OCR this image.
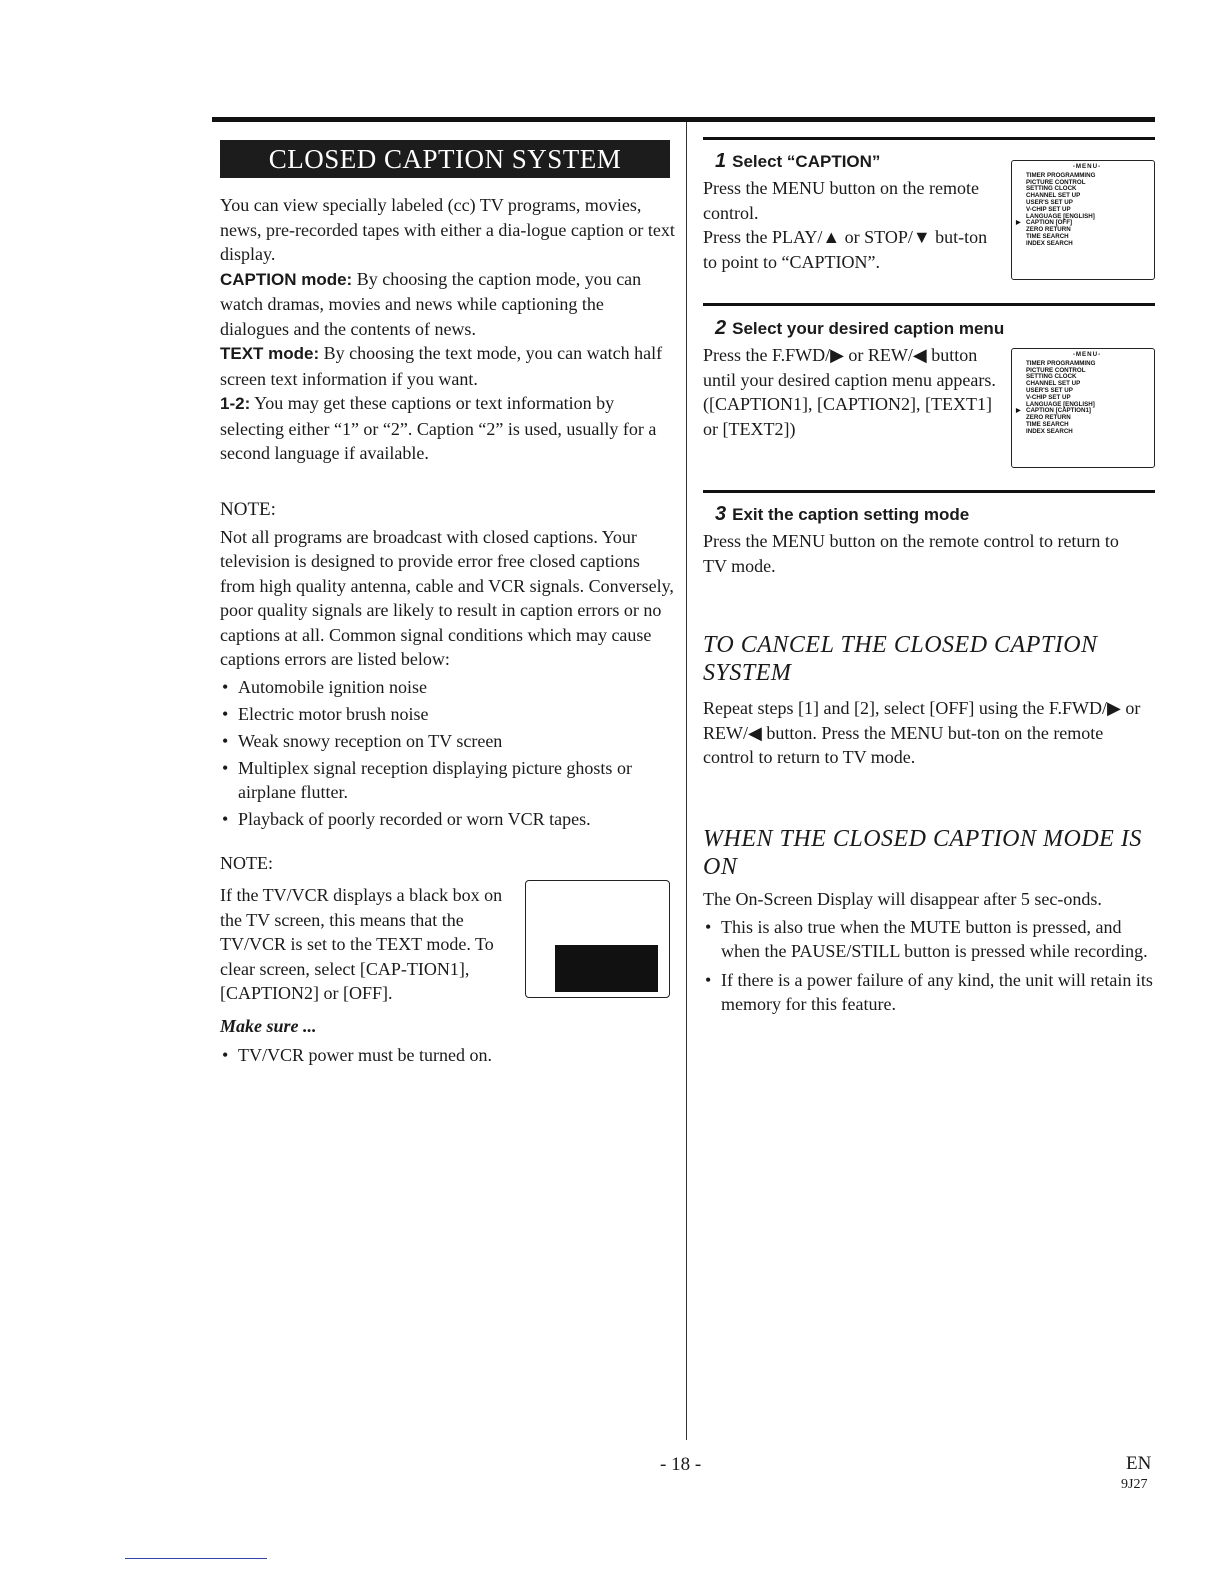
CLOSED CAPTION SYSTEM

You can view specially labeled (cc) TV programs, movies, news, pre-recorded tapes with either a dia-logue caption or text display.

CAPTION mode: By choosing the caption mode, you can watch dramas, movies and news while captioning the dialogues and the contents of news.

TEXT mode: By choosing the text mode, you can watch half screen text information if you want.

1-2: You may get these captions or text information by selecting either “1” or “2”. Caption “2” is used, usually for a second language if available.

NOTE:

Not all programs are broadcast with closed captions. Your television is designed to provide error free closed captions from high quality antenna, cable and VCR signals. Conversely, poor quality signals are likely to result in caption errors or no captions at all. Common signal conditions which may cause captions errors are listed below:

• Automobile ignition noise
• Electric motor brush noise
• Weak snowy reception on TV screen
• Multiplex signal reception displaying picture ghosts or airplane flutter.
• Playback of poorly recorded or worn VCR tapes.
NOTE:
If the TV/VCR displays a black box on the TV screen, this means that the TV/VCR is set to the TEXT mode. To clear screen, select [CAP-TION1], [CAPTION2] or [OFF].

Make sure ...

• TV/VCR power must be turned on.
1 Select “CAPTION”
Press the MENU button on the remote control.
Press the PLAY/▲ or STOP/▼ but-ton to point to “CAPTION”.
-MENU-
TIMER PROGRAMMING
PICTURE CONTROL
SETTING CLOCK
CHANNEL SET UP
USER'S SET UP
V-CHIP SET UP
LANGUAGE [ENGLISH]
▶ CAPTION [OFF]
ZERO RETURN
TIME SEARCH
INDEX SEARCH
2 Select your desired caption menu
Press the F.FWD/▶ or REW/◀ button until your desired caption menu appears.
([CAPTION1], [CAPTION2], [TEXT1] or [TEXT2])
-MENU-
TIMER PROGRAMMING
PICTURE CONTROL
SETTING CLOCK
CHANNEL SET UP
USER'S SET UP
V-CHIP SET UP
LANGUAGE [ENGLISH]
▶ CAPTION [CAPTION1]
ZERO RETURN
TIME SEARCH
INDEX SEARCH
3 Exit the caption setting mode
Press the MENU button on the remote control to return to TV mode.
TO CANCEL THE CLOSED CAPTION SYSTEM
Repeat steps [1] and [2], select [OFF] using the F.FWD/▶ or REW/◀ button. Press the MENU but-ton on the remote control to return to TV mode.
WHEN THE CLOSED CAPTION MODE IS ON

The On-Screen Display will disappear after 5 sec-onds.

• This is also true when the MUTE button is pressed, and when the PAUSE/STILL button is pressed while recording.
• If there is a power failure of any kind, the unit will retain its memory for this feature.
- 18 -	EN
9J27
